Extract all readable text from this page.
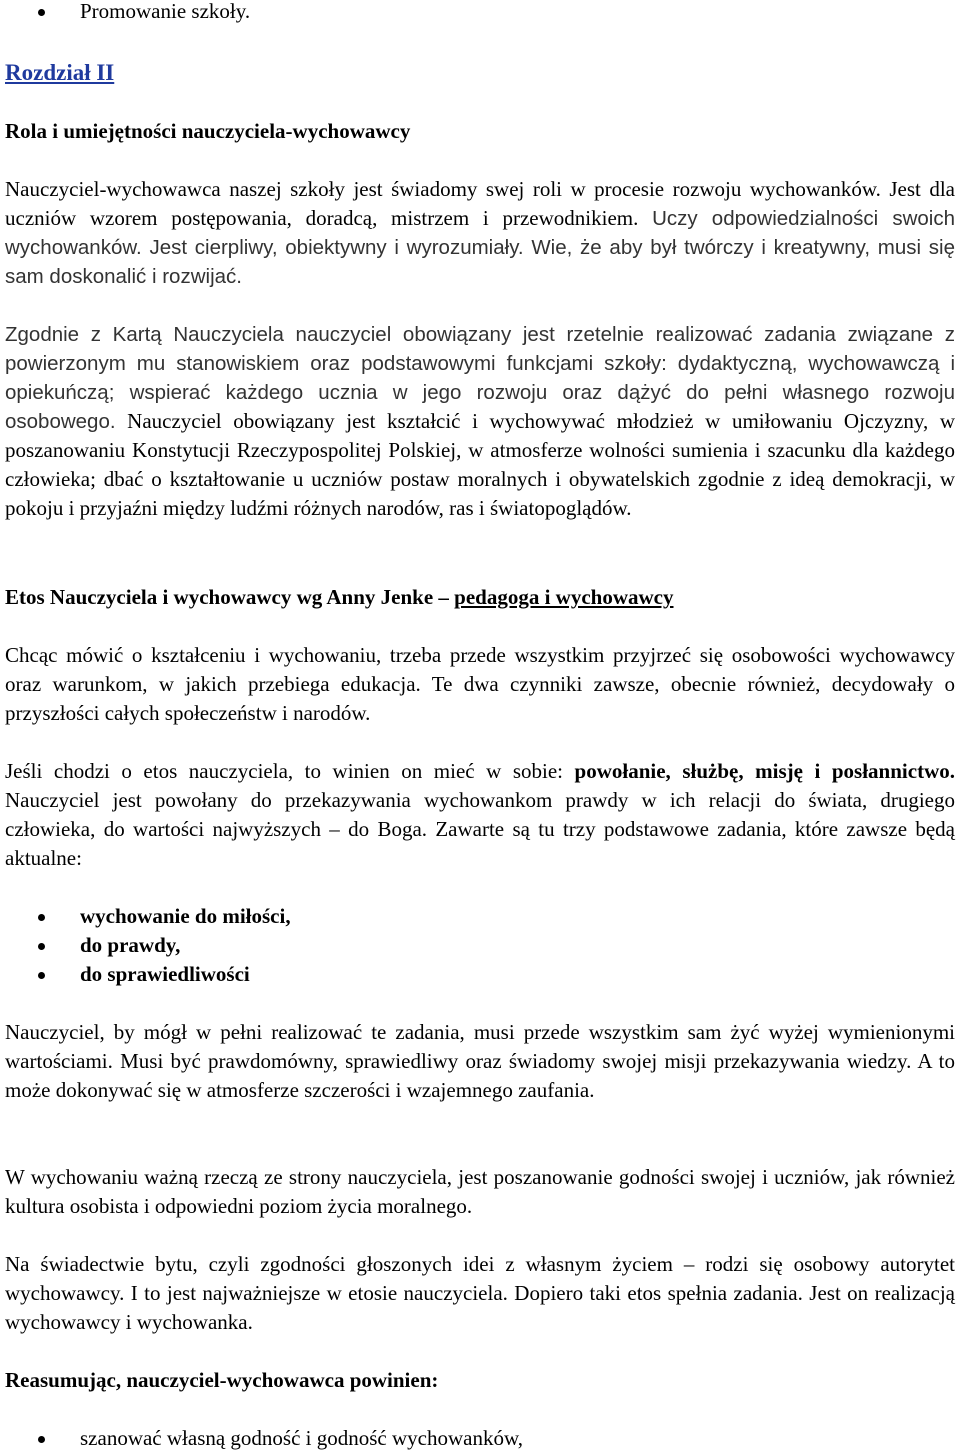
Promowanie szkoły.
Rozdział II
Rola i umiejętności nauczyciela-wychowawcy

Nauczyciel-wychowawca naszej szkoły jest świadomy swej roli w procesie rozwoju wychowanków. Jest dla uczniów wzorem postępowania, doradcą, mistrzem i przewodnikiem. Uczy odpowiedzialności swoich wychowanków. Jest cierpliwy, obiektywny i wyrozumiały. Wie, że aby był twórczy i kreatywny, musi się sam doskonalić i rozwijać.

Zgodnie z Kartą Nauczyciela nauczyciel obowiązany jest rzetelnie realizować zadania związane z powierzonym mu stanowiskiem oraz podstawowymi funkcjami szkoły: dydaktyczną, wychowawczą i opiekuńczą; wspierać każdego ucznia w jego rozwoju oraz dążyć do pełni własnego rozwoju osobowego. Nauczyciel obowiązany jest kształcić i wychowywać młodzież w umiłowaniu Ojczyzny, w poszanowaniu Konstytucji Rzeczypospolitej Polskiej, w atmosferze wolności sumienia i szacunku dla każdego człowieka; dbać o kształtowanie u uczniów postaw moralnych i obywatelskich zgodnie z ideą demokracji, w pokoju i przyjaźni między ludźmi różnych narodów, ras i światopoglądów.

Etos Nauczyciela i wychowawcy wg Anny Jenke – pedagoga i wychowawcy

Chcąc mówić o kształceniu i wychowaniu, trzeba przede wszystkim przyjrzeć się osobowości wychowawcy oraz warunkom, w jakich przebiega edukacja. Te dwa czynniki zawsze, obecnie również, decydowały o przyszłości całych społeczeństw i narodów.

Jeśli chodzi o etos nauczyciela, to winien on mieć w sobie: powołanie, służbę, misję i posłannictwo. Nauczyciel jest powołany do przekazywania wychowankom prawdy w ich relacji do świata, drugiego człowieka, do wartości najwyższych – do Boga. Zawarte są tu trzy podstawowe zadania, które zawsze będą aktualne:

wychowanie do miłości,
do prawdy,
do sprawiedliwości

Nauczyciel, by mógł w pełni realizować te zadania, musi przede wszystkim sam żyć wyżej wymienionymi wartościami. Musi być prawdomówny, sprawiedliwy oraz świadomy swojej misji przekazywania wiedzy. A to może dokonywać się w atmosferze szczerości i wzajemnego zaufania.

W wychowaniu ważną rzeczą ze strony nauczyciela, jest poszanowanie godności swojej i uczniów, jak również kultura osobista i odpowiedni poziom życia moralnego.

Na świadectwie bytu, czyli zgodności głoszonych idei z własnym życiem – rodzi się osobowy autorytet wychowawcy. I to jest najważniejsze w etosie nauczyciela. Dopiero taki etos spełnia zadania. Jest on realizacją wychowawcy i wychowanka.

Reasumując, nauczyciel-wychowawca powinien:
szanować własną godność i godność wychowanków,
